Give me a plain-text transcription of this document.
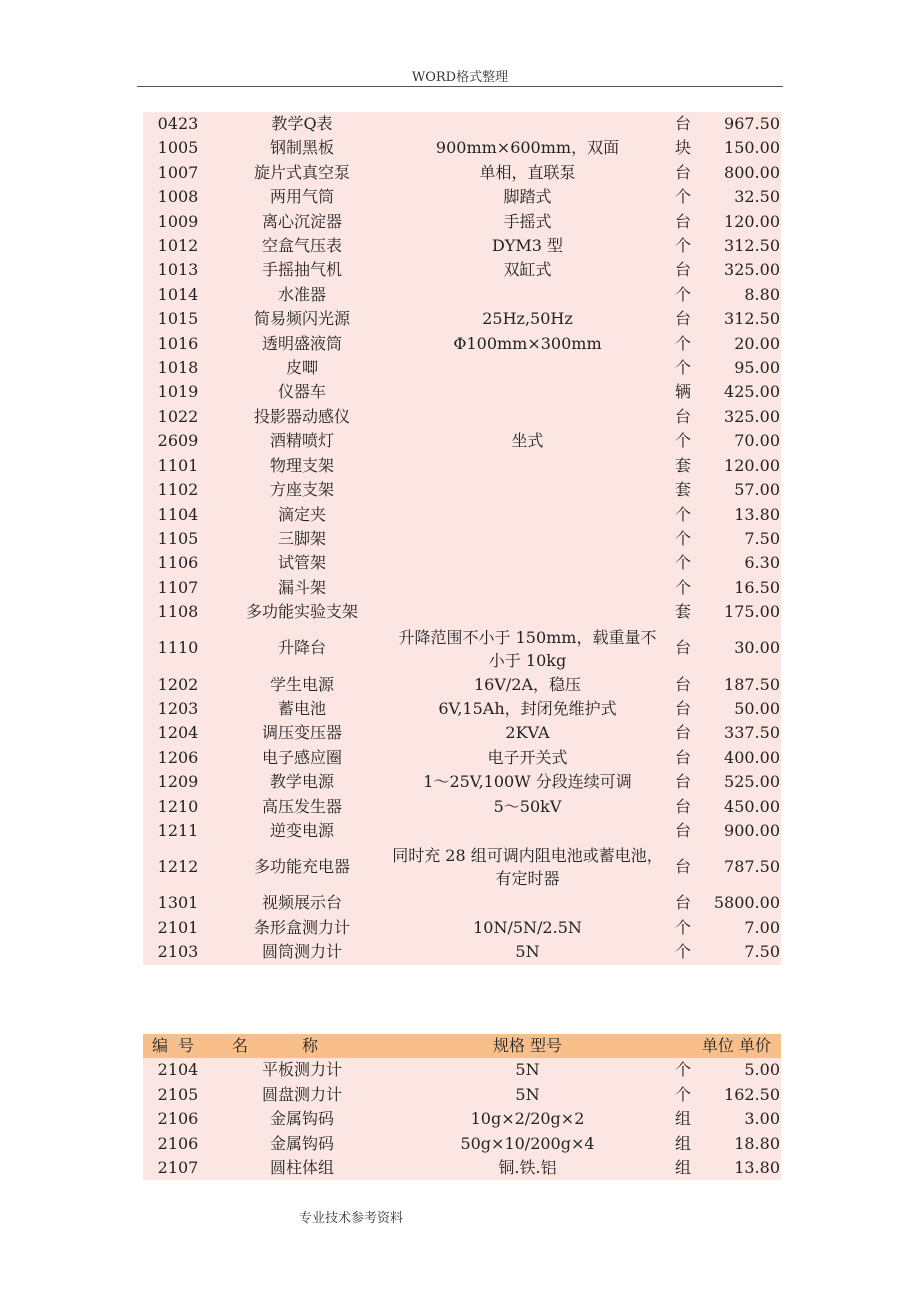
WORD格式整理
0423	教学Q表		台	967.50
1005	钢制黑板	900mm×600mm，双面	块	150.00
1007	旋片式真空泵	单相，直联泵	台	800.00
1008	两用气筒	脚踏式	个	32.50
1009	离心沉淀器	手摇式	台	120.00
1012	空盒气压表	DYM3 型	个	312.50
1013	手摇抽气机	双缸式	台	325.00
1014	水准器		个	8.80
1015	简易频闪光源	25Hz,50Hz	台	312.50
1016	透明盛液筒	Φ100mm×300mm	个	20.00
1018	皮唧		个	95.00
1019	仪器车		辆	425.00
1022	投影器动感仪		台	325.00
2609	酒精喷灯	坐式	个	70.00
1101	物理支架		套	120.00
1102	方座支架		套	57.00
1104	滴定夹		个	13.80
1105	三脚架		个	7.50
1106	试管架		个	6.30
1107	漏斗架		个	16.50
1108	多功能实验支架		套	175.00
1110	升降台	升降范围不小于 150mm，载重量不小于 10kg	台	30.00
1202	学生电源	16V/2A，稳压	台	187.50
1203	蓄电池	6V,15Ah，封闭免维护式	台	50.00
1204	调压变压器	2KVA	台	337.50
1206	电子感应圈	电子开关式	台	400.00
1209	教学电源	1～25V,100W 分段连续可调	台	525.00
1210	高压发生器	5～50kV	台	450.00
1211	逆变电源		台	900.00
1212	多功能充电器	同时充 28 组可调内阻电池或蓄电池，有定时器	台	787.50
1301	视频展示台		台	5800.00
2101	条形盒测力计	10N/5N/2.5N	个	7.00
2103	圆筒测力计	5N	个	7.50
编号	名称	规格 型号	单位 单价	
2104	平板测力计	5N	个	5.00
2105	圆盘测力计	5N	个	162.50
2106	金属钩码	10g×2/20g×2	组	3.00
2106	金属钩码	50g×10/200g×4	组	18.80
2107	圆柱体组	铜.铁.铝	组	13.80
专业技术参考资料
